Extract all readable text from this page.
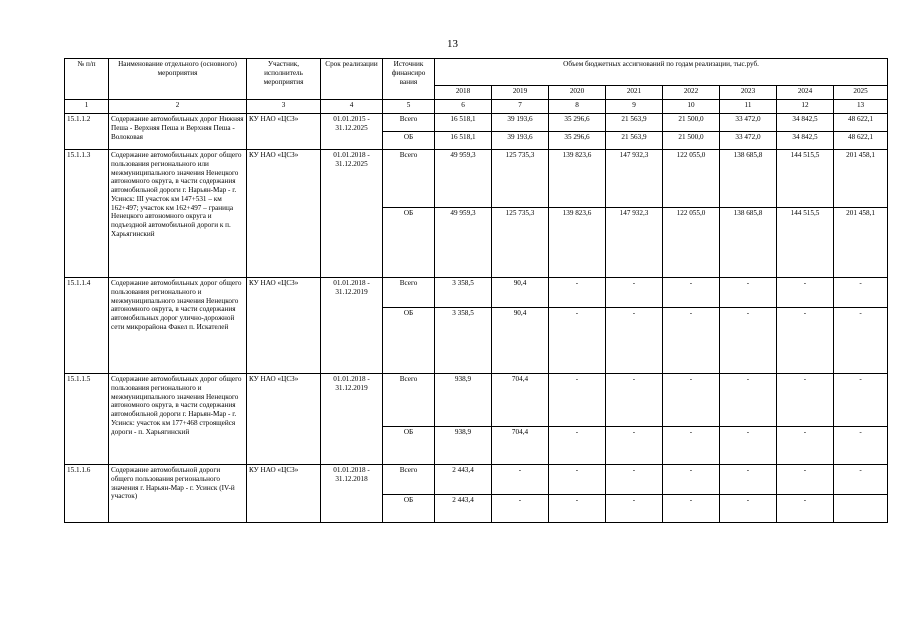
13
№ п/п	Наименование отдельного (основного) мероприятия	Участник, исполнитель мероприятия	Срок реализации	Источник финансиро вания	Объем бюджетных ассигнований по годам реализации, тыс.руб.							
					2018	2019	2020	2021	2022	2023	2024	2025
1	2	3	4	5	6	7	8	9	10	11	12	13
15.1.1.2	Содержание автомобильных дорог Нижняя Пеша - Верхняя Пеша и Верхняя Пеша - Волоковая	КУ НАО «ЦСЗ»	01.01.2015 - 31.12.2025	Всего	16 518,1	39 193,6	35 296,6	21 563,9	21 500,0	33 472,0	34 842,5	48 622,1
				ОБ	16 518,1	39 193,6	35 296,6	21 563,9	21 500,0	33 472,0	34 842,5	48 622,1
15.1.1.3	Содержание автомобильных дорог общего пользования регионального или межмуниципального значения Ненецкого автономного округа, в части содержания автомобильной дороги г. Нарьян-Мар - г. Усинск: III участок км 147+531 – км 162+497; участок км 162+497 – граница Ненецкого автономного округа и подъездной автомобильной дороги к п. Харьягинский	КУ НАО «ЦСЗ»	01.01.2018 - 31.12.2025	Всего	49 959,3	125 735,3	139 823,6	147 932,3	122 055,0	138 685,8	144 515,5	201 458,1
				ОБ	49 959,3	125 735,3	139 823,6	147 932,3	122 055,0	138 685,8	144 515,5	201 458,1
15.1.1.4	Содержание автомобильных дорог общего пользования регионального и межмуниципального значения Ненецкого автономного округа, в части содержания автомобильных дорог улично-дорожной сети микрорайона Факел п. Искателей	КУ НАО «ЦСЗ»	01.01.2018 - 31.12.2019	Всего	3 358,5	90,4	-	-	-	-	-	-
				ОБ	3 358,5	90,4	-	-	-	-	-	-
15.1.1.5	Содержание автомобильных дорог общего пользования регионального и межмуниципального значения Ненецкого автономного округа, в части содержания автомобильной дороги г. Нарьян-Мар - г. Усинск: участок км 177+468 строящейся дороги - п. Харьягинский	КУ НАО «ЦСЗ»	01.01.2018 - 31.12.2019	Всего	938,9	704,4	-	-	-	-	-	-
				ОБ	938,9	704,4	-	-	-	-	-	-
15.1.1.6	Содержание автомобильной дороги общего пользования регионального значения г. Нарьян-Мар - г. Усинск (IV-й участок)	КУ НАО «ЦСЗ»	01.01.2018 - 31.12.2018	Всего	2 443,4	-	-	-	-	-	-	-
				ОБ	2 443,4	-	-	-	-	-	-	
